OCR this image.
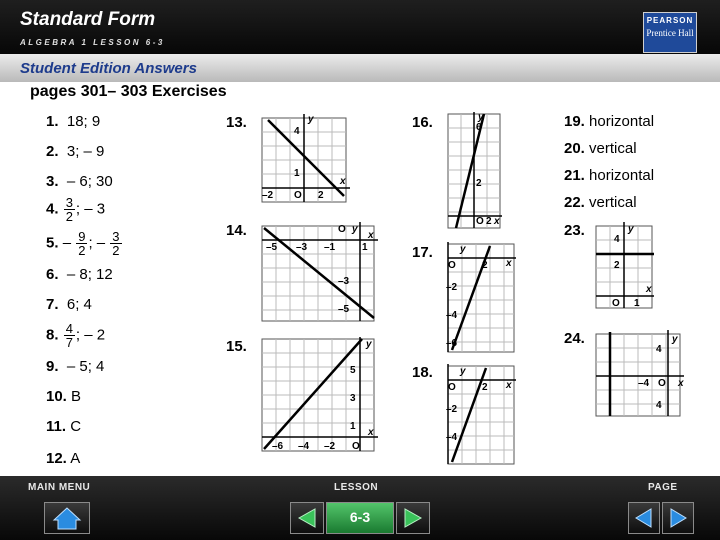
Standard Form
ALGEBRA 1 LESSON 6-3
PEARSON
Prentice Hall
Student Edition Answers
pages 301– 303 Exercises
1. 18; 9
2. 3; – 9
3. – 6; 30
4. $\frac{3}{2}$ ; – 3
5. – $\frac{9}{2}$ ; – $\frac{3}{2}$
6. – 8; 12
7. 6; 4
8. $\frac{4}{7}$ ; – 2
9. – 5; 4
10. B
11. C
12. A
19. horizontal
20. vertical
21. horizontal
22. vertical
13.
14.
15.
16.
17.
18.
23.
24.
y
x
4
1
–2 O 2
O y
x
–5 –3 –1	1
–3
–5
y
x
5
3
1
–6 –4 –2 O
y
x
6
2
O 2
y
x
O	2
–2
–4
–6
y
x
O	2
–2
–4
y
x
4
2
O 1
y
x
4
–4 O
4
MAIN MENU	LESSON	PAGE
6-3
